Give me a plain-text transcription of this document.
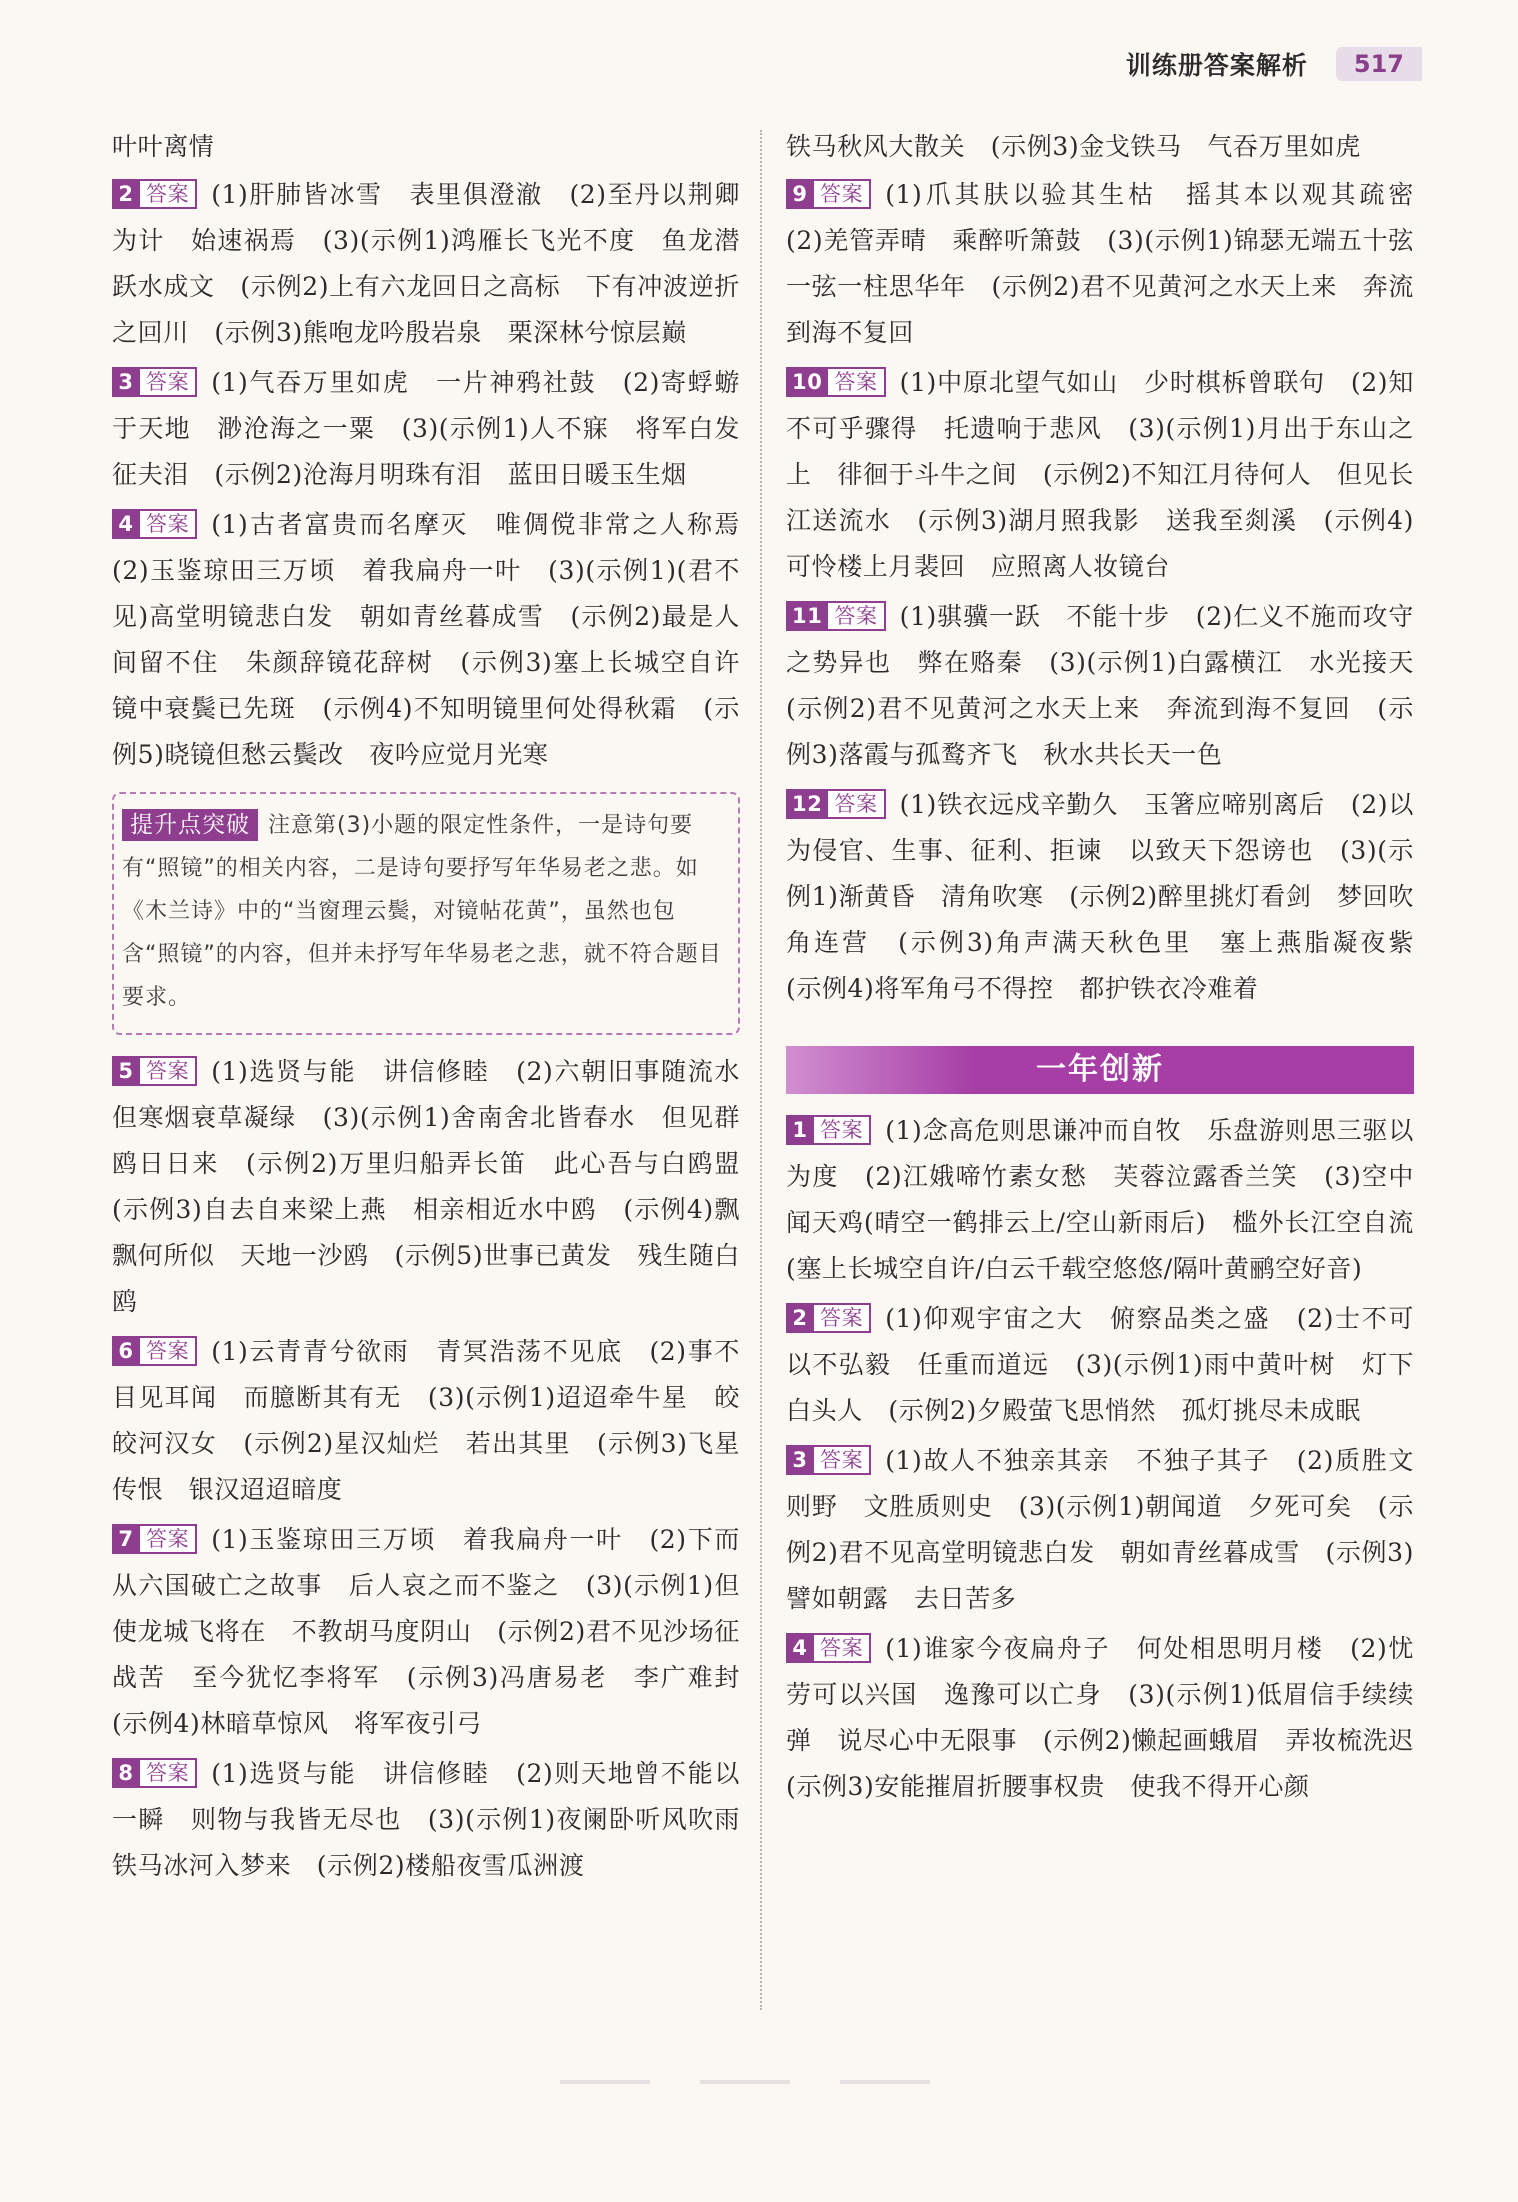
训练册答案解析	517

叶叶离情

2 答案 (1)肝肺皆冰雪　表里俱澄澈　(2)至丹以荆卿为计　始速祸焉　(3)(示例1)鸿雁长飞光不度　鱼龙潜跃水成文　(示例2)上有六龙回日之高标　下有冲波逆折之回川　(示例3)熊咆龙吟殷岩泉　栗深林兮惊层巅

3 答案 (1)气吞万里如虎　一片神鸦社鼓　(2)寄蜉蝣于天地　渺沧海之一粟　(3)(示例1)人不寐　将军白发征夫泪　(示例2)沧海月明珠有泪　蓝田日暖玉生烟

4 答案 (1)古者富贵而名摩灭　唯倜傥非常之人称焉　(2)玉鉴琼田三万顷　着我扁舟一叶　(3)(示例1)(君不见)高堂明镜悲白发　朝如青丝暮成雪　(示例2)最是人间留不住　朱颜辞镜花辞树　(示例3)塞上长城空自许　镜中衰鬓已先斑　(示例4)不知明镜里何处得秋霜　(示例5)晓镜但愁云鬓改　夜吟应觉月光寒

提升点突破 注意第(3)小题的限定性条件，一是诗句要有“照镜”的相关内容，二是诗句要抒写年华易老之悲。如《木兰诗》中的“当窗理云鬓，对镜帖花黄”，虽然也包含“照镜”的内容，但并未抒写年华易老之悲，就不符合题目要求。

5 答案 (1)选贤与能　讲信修睦　(2)六朝旧事随流水　但寒烟衰草凝绿　(3)(示例1)舍南舍北皆春水　但见群鸥日日来　(示例2)万里归船弄长笛　此心吾与白鸥盟　(示例3)自去自来梁上燕　相亲相近水中鸥　(示例4)飘飘何所似　天地一沙鸥　(示例5)世事已黄发　残生随白鸥

6 答案 (1)云青青兮欲雨　青冥浩荡不见底　(2)事不目见耳闻　而臆断其有无　(3)(示例1)迢迢牵牛星　皎皎河汉女　(示例2)星汉灿烂　若出其里　(示例3)飞星传恨　银汉迢迢暗度

7 答案 (1)玉鉴琼田三万顷　着我扁舟一叶　(2)下而从六国破亡之故事　后人哀之而不鉴之　(3)(示例1)但使龙城飞将在　不教胡马度阴山　(示例2)君不见沙场征战苦　至今犹忆李将军　(示例3)冯唐易老　李广难封　(示例4)林暗草惊风　将军夜引弓

8 答案 (1)选贤与能　讲信修睦　(2)则天地曾不能以一瞬　则物与我皆无尽也　(3)(示例1)夜阑卧听风吹雨　铁马冰河入梦来　(示例2)楼船夜雪瓜洲渡

铁马秋风大散关　(示例3)金戈铁马　气吞万里如虎

9 答案 (1)爪其肤以验其生枯　摇其本以观其疏密　(2)羌管弄晴　乘醉听箫鼓　(3)(示例1)锦瑟无端五十弦　一弦一柱思华年　(示例2)君不见黄河之水天上来　奔流到海不复回

10 答案 (1)中原北望气如山　少时棋柝曾联句　(2)知不可乎骤得　托遗响于悲风　(3)(示例1)月出于东山之上　徘徊于斗牛之间　(示例2)不知江月待何人　但见长江送流水　(示例3)湖月照我影　送我至剡溪　(示例4)可怜楼上月裴回　应照离人妆镜台

11 答案 (1)骐骥一跃　不能十步　(2)仁义不施而攻守之势异也　弊在赂秦　(3)(示例1)白露横江　水光接天　(示例2)君不见黄河之水天上来　奔流到海不复回　(示例3)落霞与孤鹜齐飞　秋水共长天一色

12 答案 (1)铁衣远戍辛勤久　玉箸应啼别离后　(2)以为侵官、生事、征利、拒谏　以致天下怨谤也　(3)(示例1)渐黄昏　清角吹寒　(示例2)醉里挑灯看剑　梦回吹角连营　(示例3)角声满天秋色里　塞上燕脂凝夜紫　(示例4)将军角弓不得控　都护铁衣冷难着

一年创新

1 答案 (1)念高危则思谦冲而自牧　乐盘游则思三驱以为度　(2)江娥啼竹素女愁　芙蓉泣露香兰笑　(3)空中闻天鸡(晴空一鹤排云上/空山新雨后)　槛外长江空自流(塞上长城空自许/白云千载空悠悠/隔叶黄鹂空好音)

2 答案 (1)仰观宇宙之大　俯察品类之盛　(2)士不可以不弘毅　任重而道远　(3)(示例1)雨中黄叶树　灯下白头人　(示例2)夕殿萤飞思悄然　孤灯挑尽未成眠

3 答案 (1)故人不独亲其亲　不独子其子　(2)质胜文则野　文胜质则史　(3)(示例1)朝闻道　夕死可矣　(示例2)君不见高堂明镜悲白发　朝如青丝暮成雪　(示例3)譬如朝露　去日苦多

4 答案 (1)谁家今夜扁舟子　何处相思明月楼　(2)忧劳可以兴国　逸豫可以亡身　(3)(示例1)低眉信手续续弹　说尽心中无限事　(示例2)懒起画蛾眉　弄妆梳洗迟　(示例3)安能摧眉折腰事权贵　使我不得开心颜
